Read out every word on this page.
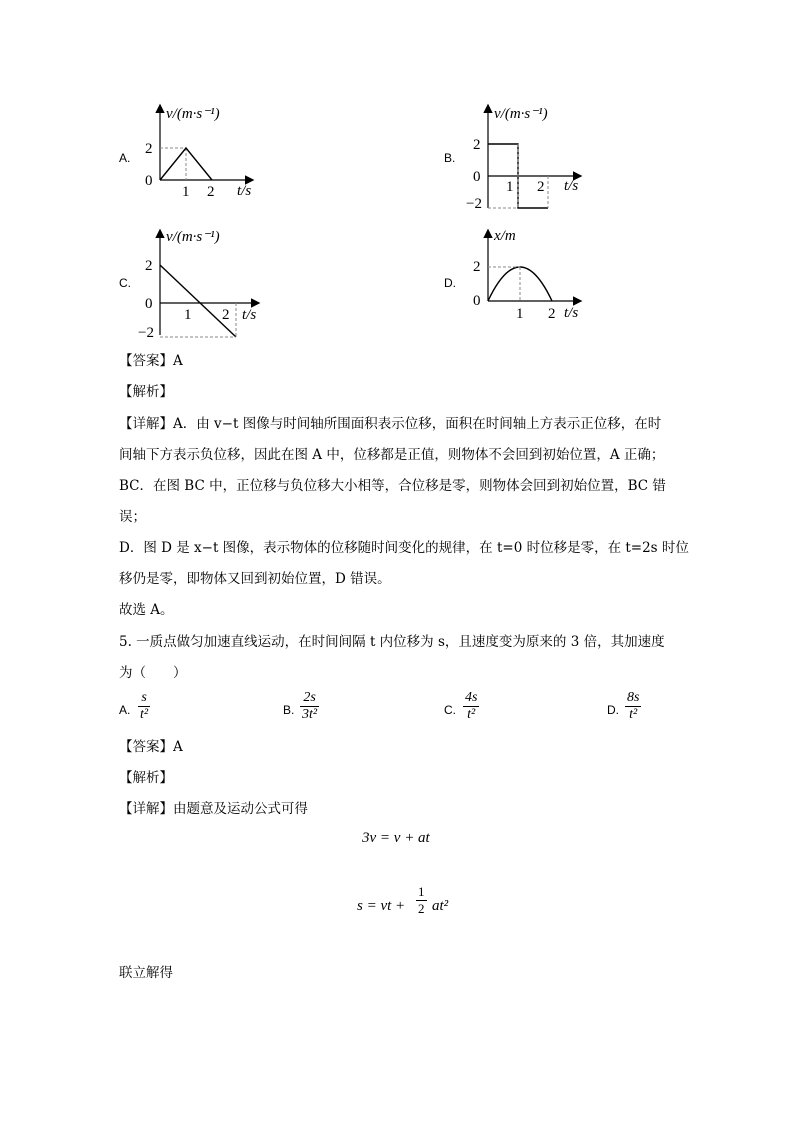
A.
v/(m·s⁻¹)
2
0
1 2 t/s
B.
v/(m·s⁻¹)
2
0
−2
1 2 t/s
C.
v/(m·s⁻¹)
2
0
−2
1 2 t/s
D.
x/m
2
0
1 2 t/s
【答案】A
【解析】
【详解】A．由 v−t 图像与时间轴所围面积表示位移，面积在时间轴上方表示正位移，在时
间轴下方表示负位移，因此在图 A 中，位移都是正值，则物体不会回到初始位置，A 正确；
BC．在图 BC 中，正位移与负位移大小相等，合位移是零，则物体会回到初始位置，BC 错
误；
D．图 D 是 x−t 图像，表示物体的位移随时间变化的规律，在 t=0 时位移是零，在 t=2s 时位
移仍是零，即物体又回到初始位置，D 错误。
故选 A。
5. 一质点做匀加速直线运动，在时间间隔 t 内位移为 s，且速度变为原来的 3 倍，其加速度
为（　　）
A.
s
t²	B.
2s
3t²	C.
4s
t²	D.
8s
t²
【答案】A
【解析】
【详解】由题意及运动公式可得
3v = v + at
s = vt +
1
2 at²
联立解得
